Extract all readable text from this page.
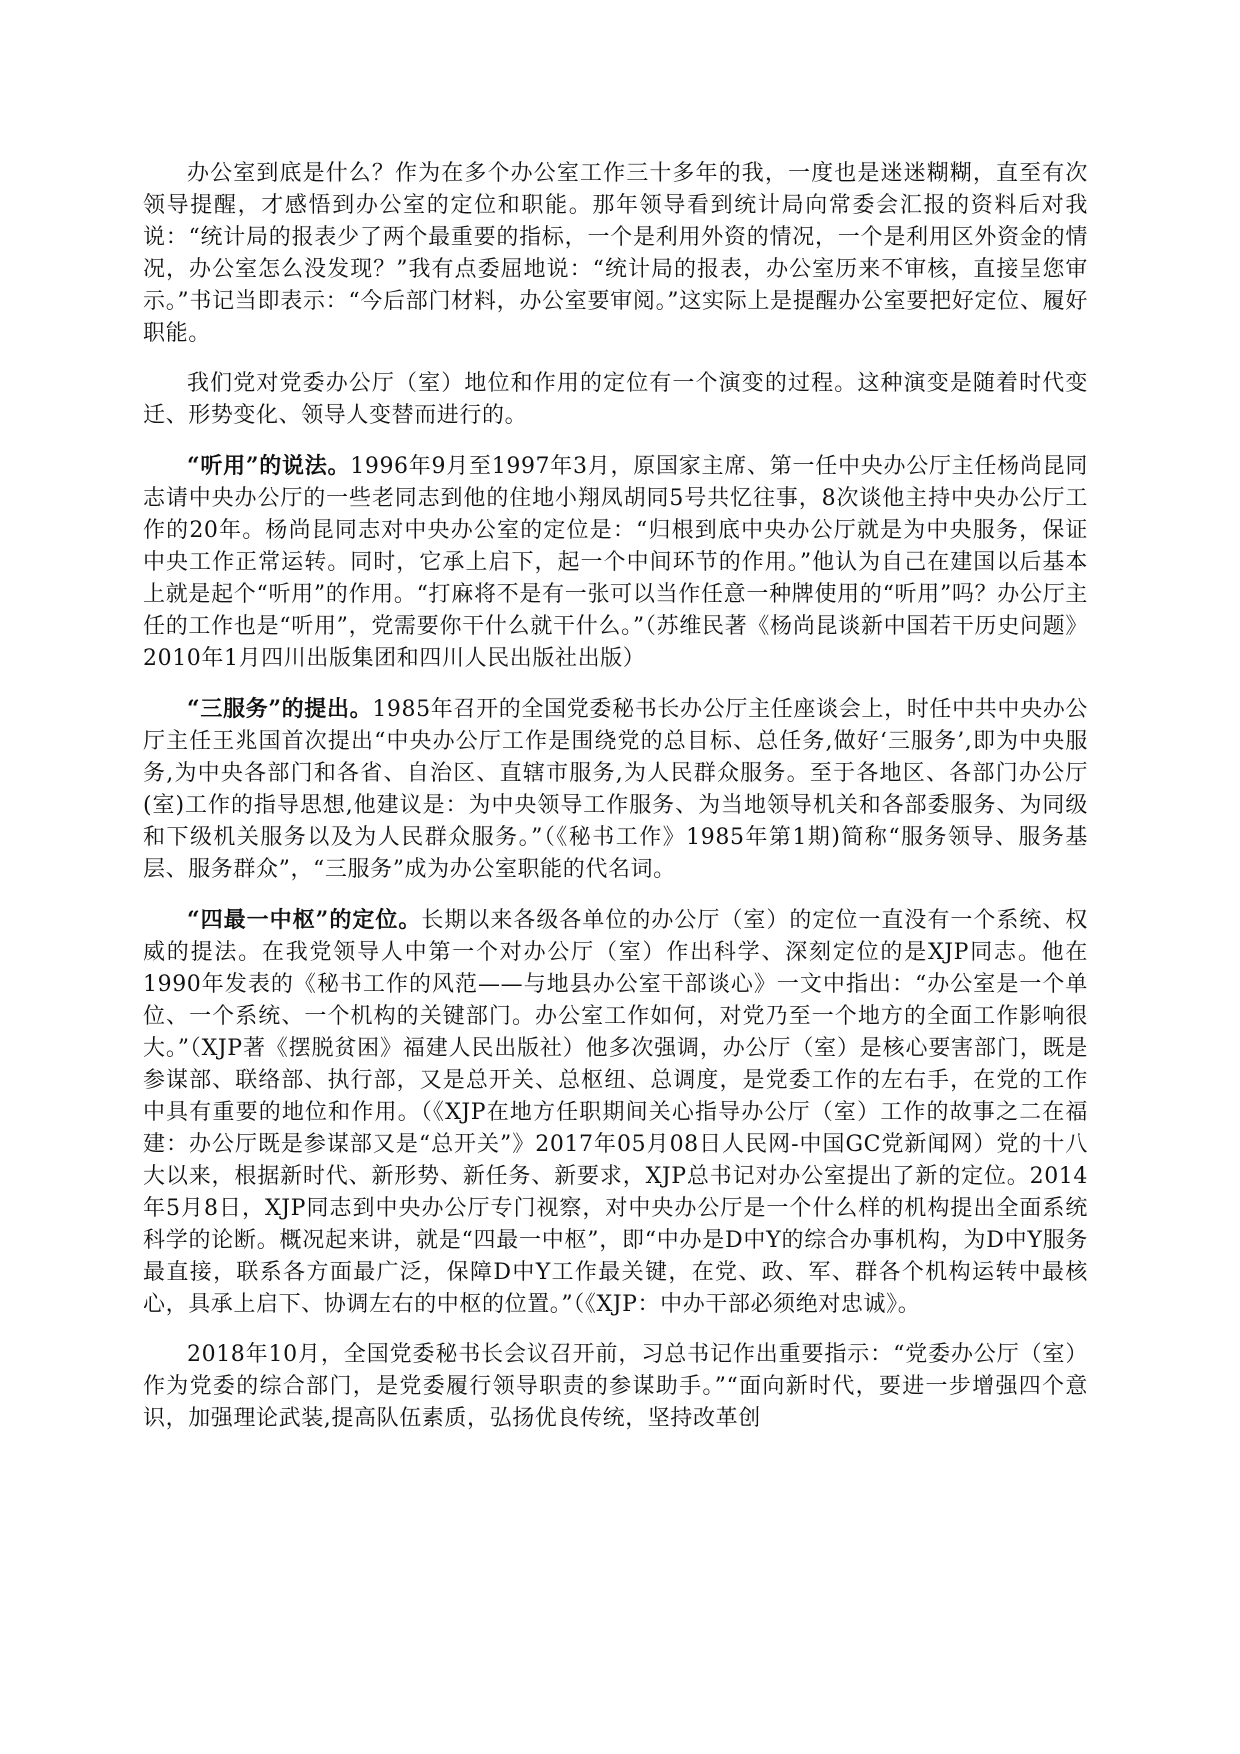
办公室到底是什么？作为在多个办公室工作三十多年的我，一度也是迷迷糊糊，直至有次领导提醒，才感悟到办公室的定位和职能。那年领导看到统计局向常委会汇报的资料后对我说：“统计局的报表少了两个最重要的指标，一个是利用外资的情况，一个是利用区外资金的情况，办公室怎么没发现？”我有点委屈地说：“统计局的报表，办公室历来不审核，直接呈您审示。”书记当即表示：“今后部门材料，办公室要审阅。”这实际上是提醒办公室要把好定位、履好职能。

我们党对党委办公厅（室）地位和作用的定位有一个演变的过程。这种演变是随着时代变迁、形势变化、领导人变替而进行的。

“听用”的说法。1996年9月至1997年3月，原国家主席、第一任中央办公厅主任杨尚昆同志请中央办公厅的一些老同志到他的住地小翔凤胡同5号共忆往事，8次谈他主持中央办公厅工作的20年。杨尚昆同志对中央办公室的定位是：“归根到底中央办公厅就是为中央服务，保证中央工作正常运转。同时，它承上启下，起一个中间环节的作用。”他认为自己在建国以后基本上就是起个“听用”的作用。“打麻将不是有一张可以当作任意一种牌使用的“听用”吗？办公厅主任的工作也是“听用”，党需要你干什么就干什么。”（苏维民著《杨尚昆谈新中国若干历史问题》2010年1月四川出版集团和四川人民出版社出版）

“三服务”的提出。1985年召开的全国党委秘书长办公厅主任座谈会上，时任中共中央办公厅主任王兆国首次提出“中央办公厅工作是围绕党的总目标、总任务,做好‘三服务’,即为中央服务,为中央各部门和各省、自治区、直辖市服务,为人民群众服务。至于各地区、各部门办公厅(室)工作的指导思想,他建议是：为中央领导工作服务、为当地领导机关和各部委服务、为同级和下级机关服务以及为人民群众服务。”（《秘书工作》1985年第1期)简称“服务领导、服务基层、服务群众”，“三服务”成为办公室职能的代名词。

“四最一中枢”的定位。长期以来各级各单位的办公厅（室）的定位一直没有一个系统、权威的提法。在我党领导人中第一个对办公厅（室）作出科学、深刻定位的是XJP同志。他在1990年发表的《秘书工作的风范——与地县办公室干部谈心》一文中指出：“办公室是一个单位、一个系统、一个机构的关键部门。办公室工作如何，对党乃至一个地方的全面工作影响很大。”（XJP著《摆脱贫困》福建人民出版社）他多次强调，办公厅（室）是核心要害部门，既是参谋部、联络部、执行部，又是总开关、总枢纽、总调度，是党委工作的左右手，在党的工作中具有重要的地位和作用。（《XJP在地方任职期间关心指导办公厅（室）工作的故事之二在福建：办公厅既是参谋部又是“总开关”》2017年05月08日人民网-中国GC党新闻网）党的十八大以来，根据新时代、新形势、新任务、新要求，XJP总书记对办公室提出了新的定位。2014年5月8日，XJP同志到中央办公厅专门视察，对中央办公厅是一个什么样的机构提出全面系统科学的论断。概况起来讲，就是“四最一中枢”，即“中办是D中Y的综合办事机构，为D中Y服务最直接，联系各方面最广泛，保障D中Y工作最关键，在党、政、军、群各个机构运转中最核心，具承上启下、协调左右的中枢的位置。”（《XJP：中办干部必须绝对忠诚》。

2018年10月，全国党委秘书长会议召开前，习总书记作出重要指示：“党委办公厅（室）作为党委的综合部门，是党委履行领导职责的参谋助手。”“面向新时代，要进一步增强四个意识，加强理论武装,提高队伍素质，弘扬优良传统，坚持改革创
